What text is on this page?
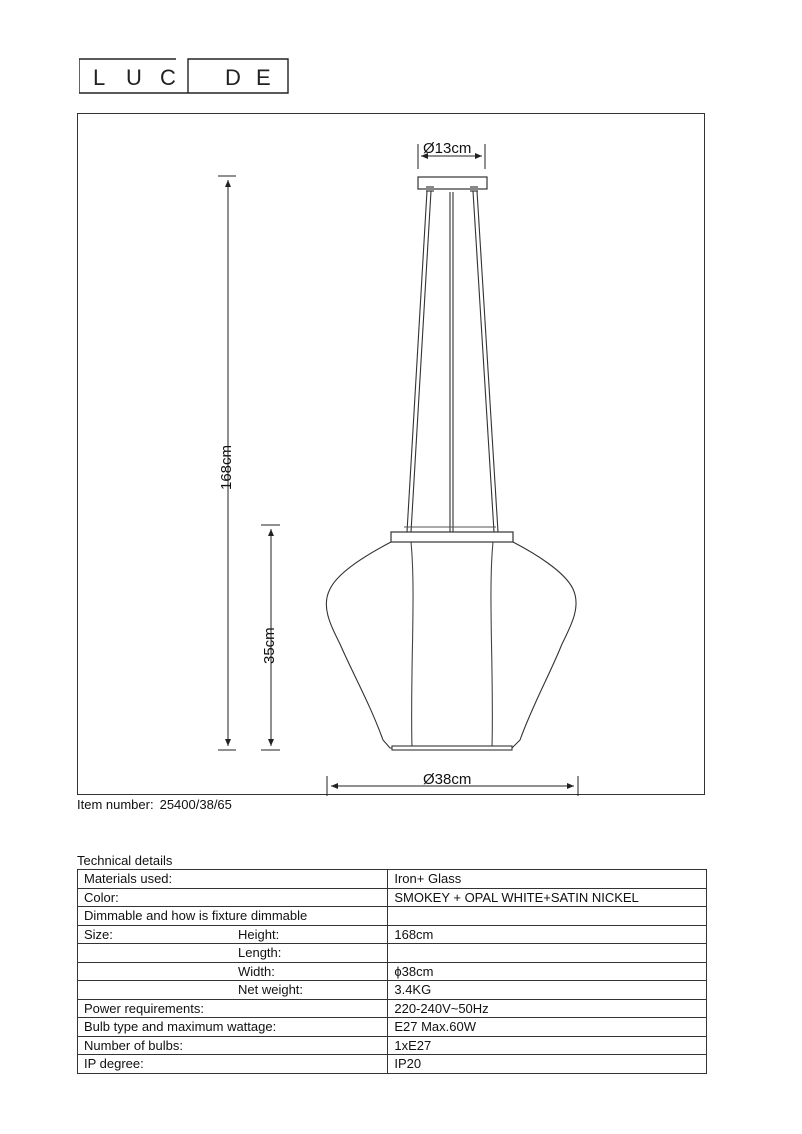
L U C D E
Ø13cm
168cm
35cm
Ø38cm
Item number: 25400/38/65
Technical details
Materials used:	Iron+ Glass
Color:	SMOKEY + OPAL WHITE+SATIN NICKEL
Dimmable and how is fixture dimmable	

Size: Height:	168cm

Length:	

Width:	ϕ38cm

Net weight:	3.4KG
Power requirements:	220-240V~50Hz
Bulb type and maximum wattage:	E27 Max.60W
Number of bulbs:	1xE27
IP degree:	IP20
